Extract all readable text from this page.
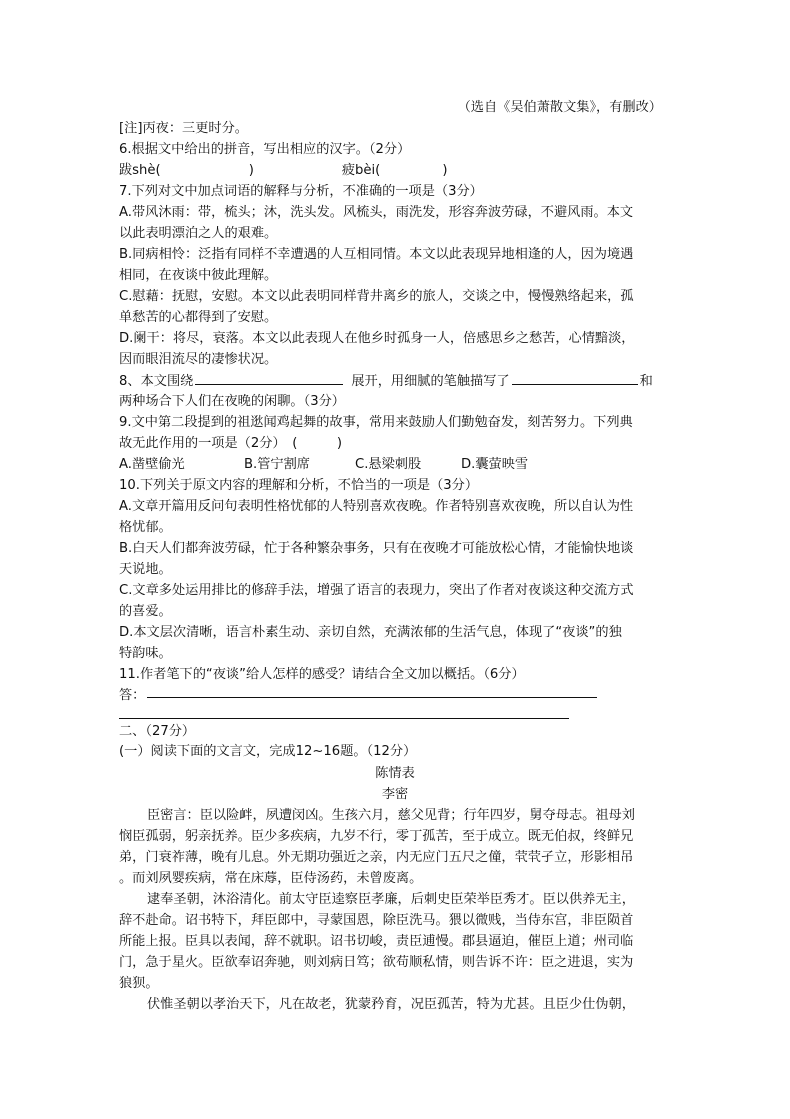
（选自《吴伯萧散文集》，有删改）
[注]丙夜：三更时分。
6.根据文中给出的拼音，写出相应的汉字。（2分）
跋shè(	)	疲bèi(	)
7.下列对文中加点词语的解释与分析，不准确的一项是（3分）
A.带风沐雨：带，梳头；沐，洗头发。风梳头，雨洗发，形容奔波劳碌，不避风雨。本文
以此表明漂泊之人的艰难。
B.同病相怜：泛指有同样不幸遭遇的人互相同情。本文以此表现异地相逢的人，因为境遇
相同，在夜谈中彼此理解。
C.慰藉：抚慰，安慰。本文以此表明同样背井离乡的旅人，交谈之中，慢慢熟络起来，孤
单愁苦的心都得到了安慰。
D.阑干：将尽，衰落。本文以此表现人在他乡时孤身一人，倍感思乡之愁苦，心情黯淡，
因而眼泪流尽的凄惨状况。
8、本文围绕	展开，用细腻的笔触描写了	和
两种场合下人们在夜晚的闲聊。（3分）
9.文中第二段提到的祖逖闻鸡起舞的故事，常用来鼓励人们勤勉奋发，刻苦努力。下列典
故无此作用的一项是（2分）　(　　　)
A.凿壁偷光	B.管宁割席	C.悬梁刺股	D.囊萤映雪
10.下列关于原文内容的理解和分析，不恰当的一项是（3分）
A.文章开篇用反问句表明性格忧郁的人特别喜欢夜晚。作者特别喜欢夜晚，所以自认为性
格忧郁。
B.白天人们都奔波劳碌，忙于各种繁杂事务，只有在夜晚才可能放松心情，才能愉快地谈
天说地。
C.文章多处运用排比的修辞手法，增强了语言的表现力，突出了作者对夜谈这种交流方式
的喜爱。
D.本文层次清晰，语言朴素生动、亲切自然，充满浓郁的生活气息，体现了“夜谈”的独
特韵味。
11.作者笔下的“夜谈”给人怎样的感受？请结合全文加以概括。（6分）
答：
二、（27分）
(一）阅读下面的文言文，完成12~16题。（12分）
陈情表
李密
臣密言：臣以险衅，夙遭闵凶。生孩六月，慈父见背；行年四岁，舅夺母志。祖母刘
悯臣孤弱，躬亲抚养。臣少多疾病，九岁不行，零丁孤苦，至于成立。既无伯叔，终鲜兄
弟，门衰祚薄，晚有儿息。外无期功强近之亲，内无应门五尺之僮，茕茕孑立，形影相吊
。而刘夙婴疾病，常在床蓐，臣侍汤药，未曾废离。
逮奉圣朝，沐浴清化。前太守臣逵察臣孝廉，后刺史臣荣举臣秀才。臣以供养无主，
辞不赴命。诏书特下，拜臣郎中，寻蒙国恩，除臣洗马。猥以微贱，当侍东宫，非臣陨首
所能上报。臣具以表闻，辞不就职。诏书切峻，责臣逋慢。郡县逼迫，催臣上道；州司临
门，急于星火。臣欲奉诏奔驰，则刘病日笃；欲苟顺私情，则告诉不许：臣之进退，实为
狼狈。
伏惟圣朝以孝治天下，凡在故老，犹蒙矜育，况臣孤苦，特为尤甚。且臣少仕伪朝，
